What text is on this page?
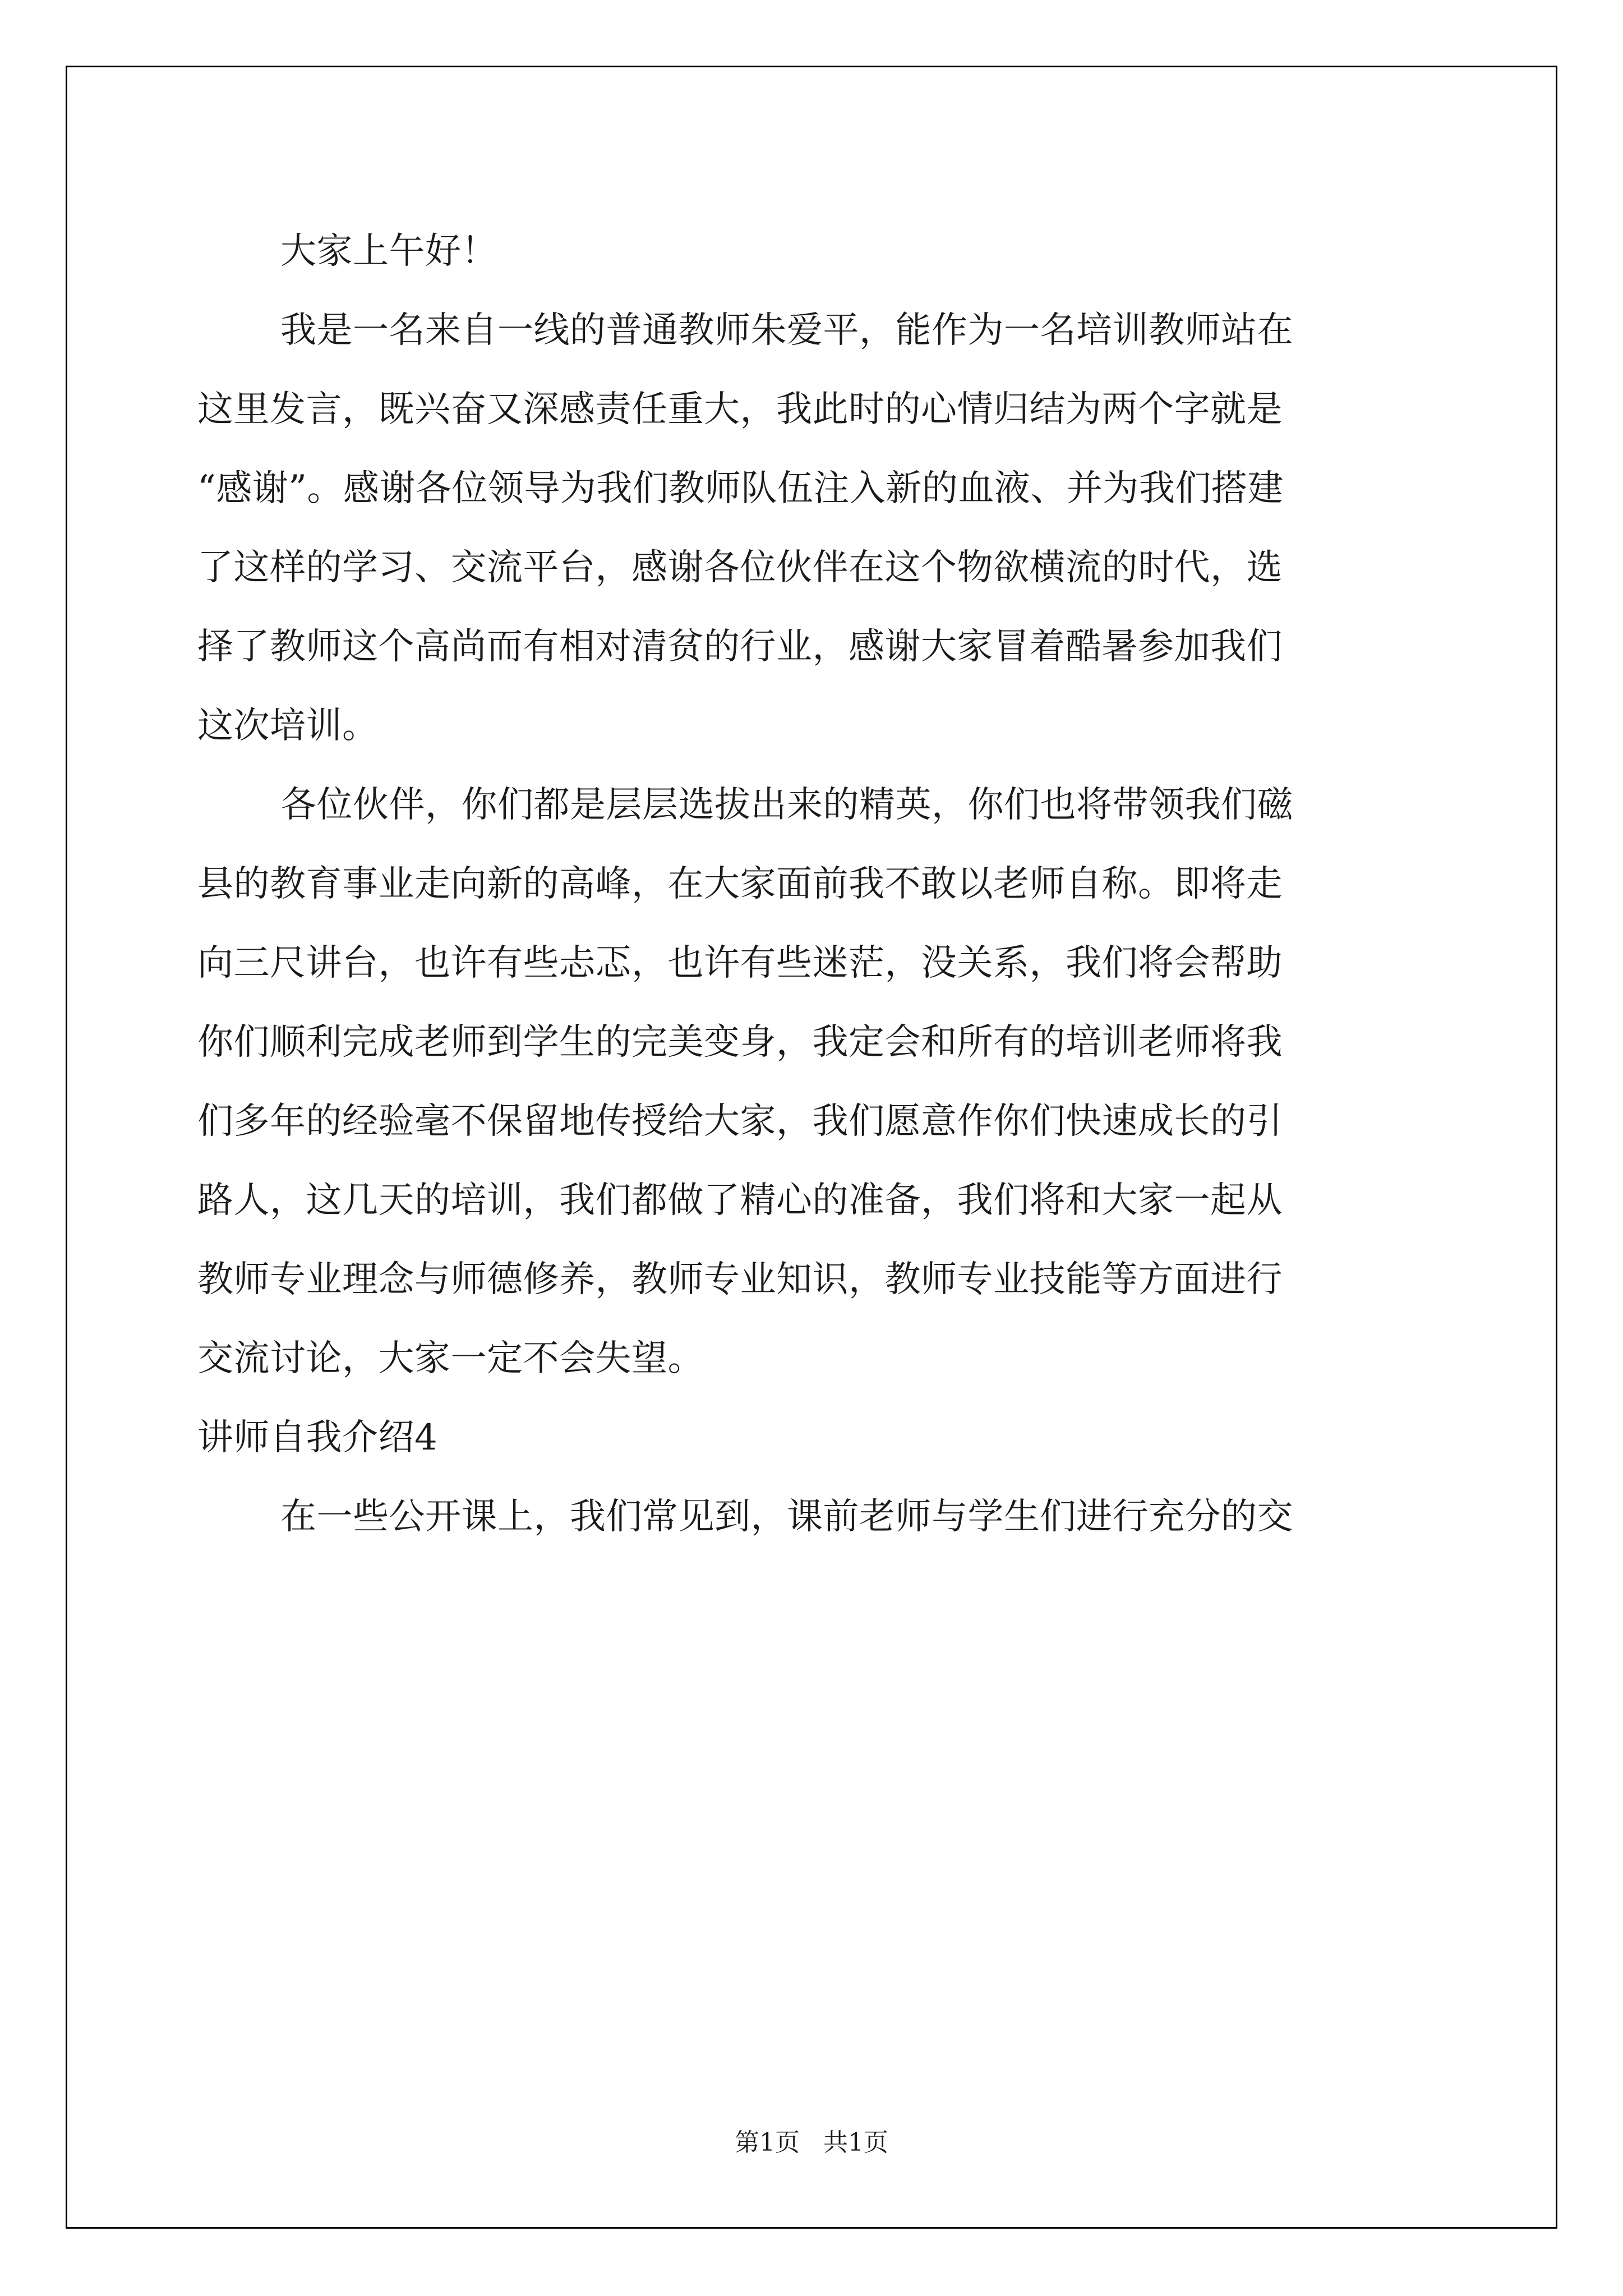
大家上午好！
我是一名来自一线的普通教师朱爱平，能作为一名培训教师站在
这里发言，既兴奋又深感责任重大，我此时的心情归结为两个字就是
“感谢”。感谢各位领导为我们教师队伍注入新的血液、并为我们搭建
了这样的学习、交流平台，感谢各位伙伴在这个物欲横流的时代，选
择了教师这个高尚而有相对清贫的行业，感谢大家冒着酷暑参加我们
这次培训。
各位伙伴，你们都是层层选拔出来的精英，你们也将带领我们磁
县的教育事业走向新的高峰，在大家面前我不敢以老师自称。即将走
向三尺讲台，也许有些忐忑，也许有些迷茫，没关系，我们将会帮助
你们顺利完成老师到学生的完美变身，我定会和所有的培训老师将我
们多年的经验毫不保留地传授给大家，我们愿意作你们快速成长的引
路人，这几天的培训，我们都做了精心的准备，我们将和大家一起从
教师专业理念与师德修养，教师专业知识，教师专业技能等方面进行
交流讨论，大家一定不会失望。
讲师自我介绍4
在一些公开课上，我们常见到，课前老师与学生们进行充分的交
第1页   共1页
